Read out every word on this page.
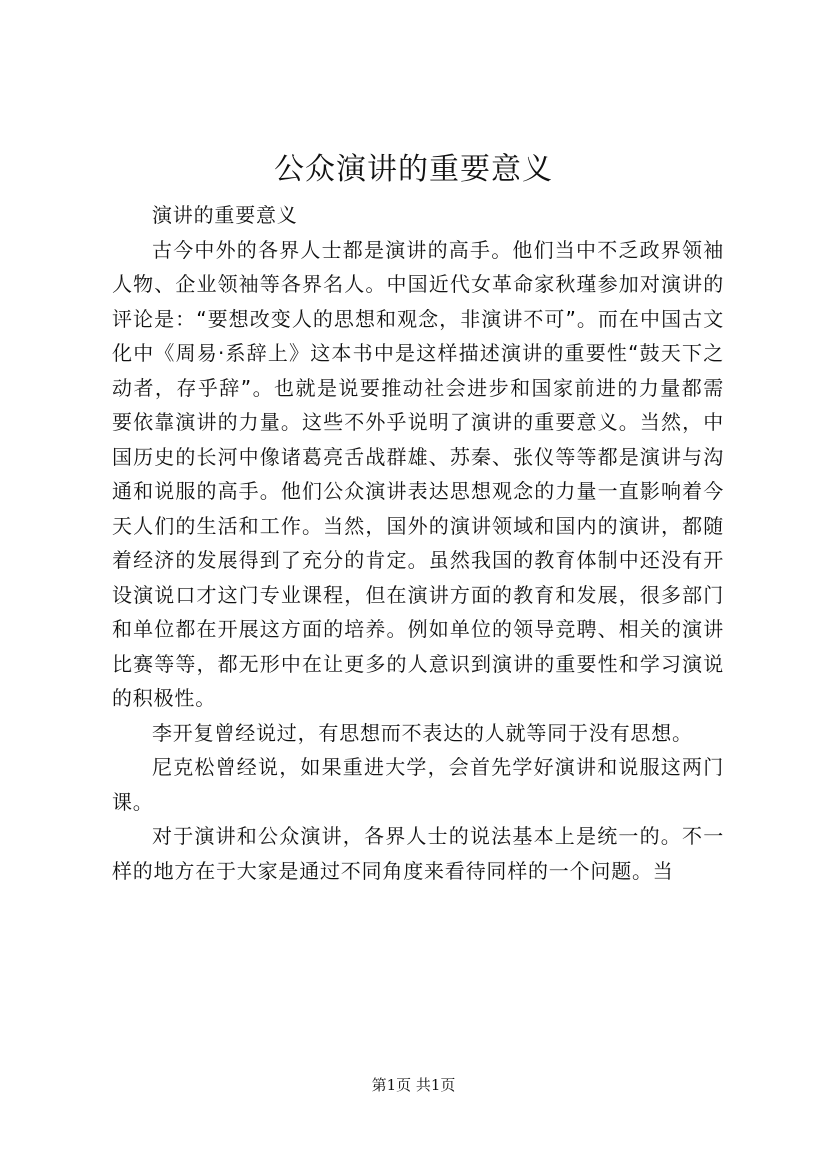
公众演讲的重要意义

演讲的重要意义

古今中外的各界人士都是演讲的高手。他们当中不乏政界领袖人物、企业领袖等各界名人。中国近代女革命家秋瑾参加对演讲的评论是：“要想改变人的思想和观念，非演讲不可”。而在中国古文化中《周易·系辞上》这本书中是这样描述演讲的重要性“鼓天下之动者，存乎辞”。也就是说要推动社会进步和国家前进的力量都需要依靠演讲的力量。这些不外乎说明了演讲的重要意义。当然，中国历史的长河中像诸葛亮舌战群雄、苏秦、张仪等等都是演讲与沟通和说服的高手。他们公众演讲表达思想观念的力量一直影响着今天人们的生活和工作。当然，国外的演讲领域和国内的演讲，都随着经济的发展得到了充分的肯定。虽然我国的教育体制中还没有开设演说口才这门专业课程，但在演讲方面的教育和发展，很多部门和单位都在开展这方面的培养。例如单位的领导竞聘、相关的演讲比赛等等，都无形中在让更多的人意识到演讲的重要性和学习演说的积极性。

李开复曾经说过，有思想而不表达的人就等同于没有思想。

尼克松曾经说，如果重进大学，会首先学好演讲和说服这两门课。

对于演讲和公众演讲，各界人士的说法基本上是统一的。不一样的地方在于大家是通过不同角度来看待同样的一个问题。当

第1页 共1页
